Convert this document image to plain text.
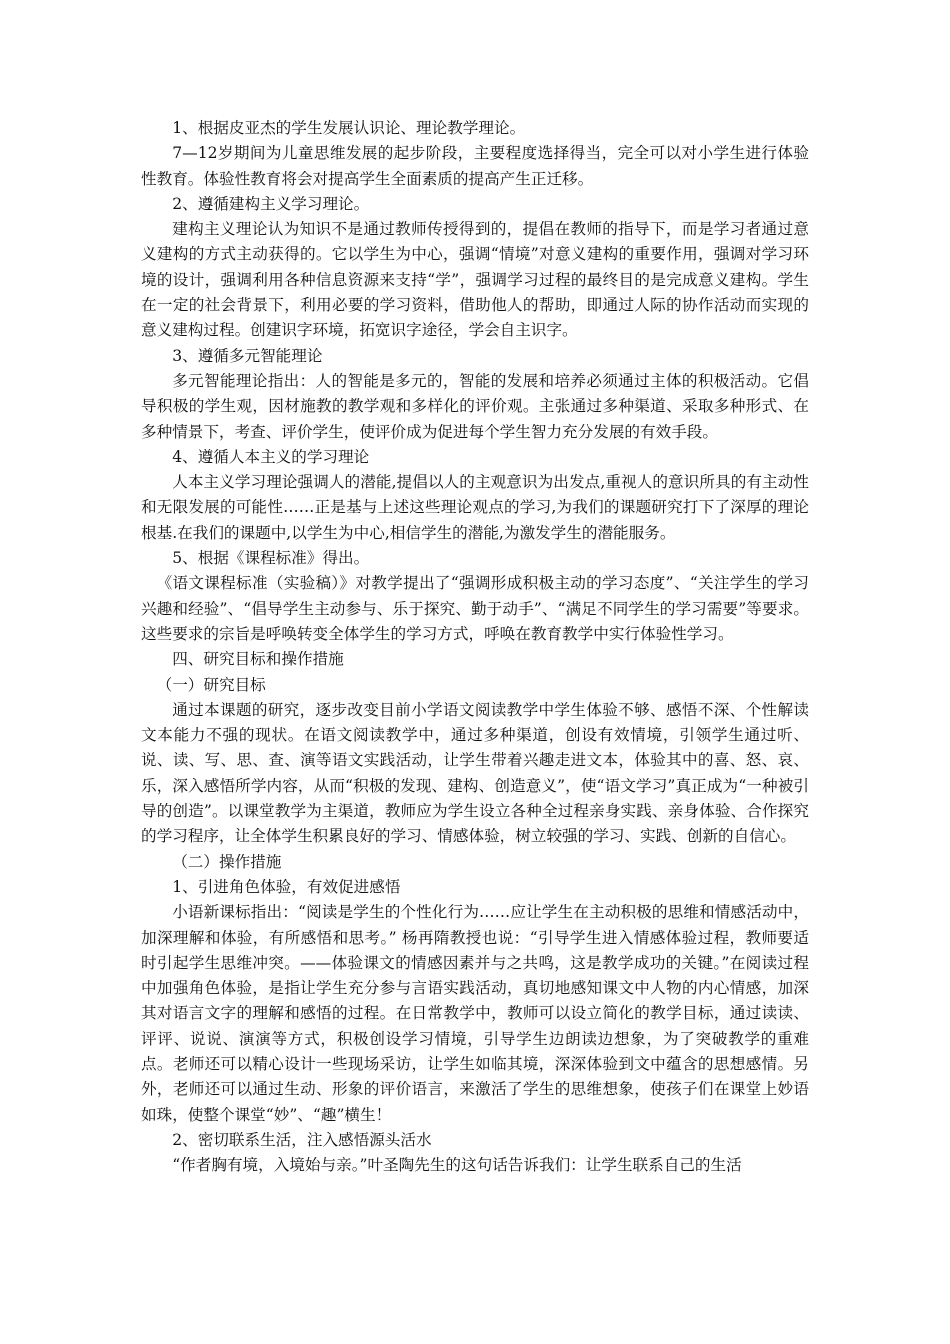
1、根据皮亚杰的学生发展认识论、理论教学理论。

7—12岁期间为儿童思维发展的起步阶段，主要程度选择得当，完全可以对小学生进行体验性教育。体验性教育将会对提高学生全面素质的提高产生正迁移。

2、遵循建构主义学习理论。

建构主义理论认为知识不是通过教师传授得到的，提倡在教师的指导下，而是学习者通过意义建构的方式主动获得的。它以学生为中心，强调“情境”对意义建构的重要作用，强调对学习环境的设计，强调利用各种信息资源来支持“学”，强调学习过程的最终目的是完成意义建构。学生在一定的社会背景下，利用必要的学习资料，借助他人的帮助，即通过人际的协作活动而实现的意义建构过程。创建识字环境，拓宽识字途径，学会自主识字。

3、遵循多元智能理论

多元智能理论指出：人的智能是多元的，智能的发展和培养必须通过主体的积极活动。它倡导积极的学生观，因材施教的教学观和多样化的评价观。主张通过多种渠道、采取多种形式、在多种情景下，考查、评价学生，使评价成为促进每个学生智力充分发展的有效手段。

4、遵循人本主义的学习理论

人本主义学习理论强调人的潜能,提倡以人的主观意识为出发点,重视人的意识所具的有主动性和无限发展的可能性……正是基与上述这些理论观点的学习,为我们的课题研究打下了深厚的理论根基.在我们的课题中,以学生为中心,相信学生的潜能,为激发学生的潜能服务。

5、根据《课程标准》得出。

《语文课程标准（实验稿）》对教学提出了“强调形成积极主动的学习态度”、“关注学生的学习兴趣和经验”、“倡导学生主动参与、乐于探究、勤于动手”、“满足不同学生的学习需要”等要求。这些要求的宗旨是呼唤转变全体学生的学习方式，呼唤在教育教学中实行体验性学习。

四、研究目标和操作措施

（一）研究目标

通过本课题的研究，逐步改变目前小学语文阅读教学中学生体验不够、感悟不深、个性解读文本能力不强的现状。在语文阅读教学中，通过多种渠道，创设有效情境，引领学生通过听、说、读、写、思、查、演等语文实践活动，让学生带着兴趣走进文本，体验其中的喜、怒、哀、乐，深入感悟所学内容，从而“积极的发现、建构、创造意义”，使“语文学习”真正成为“一种被引导的创造”。以课堂教学为主渠道，教师应为学生设立各种全过程亲身实践、亲身体验、合作探究的学习程序，让全体学生积累良好的学习、情感体验，树立较强的学习、实践、创新的自信心。

（二）操作措施

1、引进角色体验，有效促进感悟

小语新课标指出：“阅读是学生的个性化行为……应让学生在主动积极的思维和情感活动中，加深理解和体验，有所感悟和思考。” 杨再隋教授也说：“引导学生进入情感体验过程，教师要适时引起学生思维冲突。——体验课文的情感因素并与之共鸣，这是教学成功的关键。”在阅读过程中加强角色体验，是指让学生充分参与言语实践活动，真切地感知课文中人物的内心情感，加深其对语言文字的理解和感悟的过程。在日常教学中，教师可以设立简化的教学目标，通过读读、评评、说说、演演等方式，积极创设学习情境，引导学生边朗读边想象，为了突破教学的重难点。老师还可以精心设计一些现场采访，让学生如临其境，深深体验到文中蕴含的思想感情。另外，老师还可以通过生动、形象的评价语言，来激活了学生的思维想象，使孩子们在课堂上妙语如珠，使整个课堂“妙”、“趣”横生！

2、密切联系生活，注入感悟源头活水

“作者胸有境，入境始与亲。”叶圣陶先生的这句话告诉我们：让学生联系自己的生活
